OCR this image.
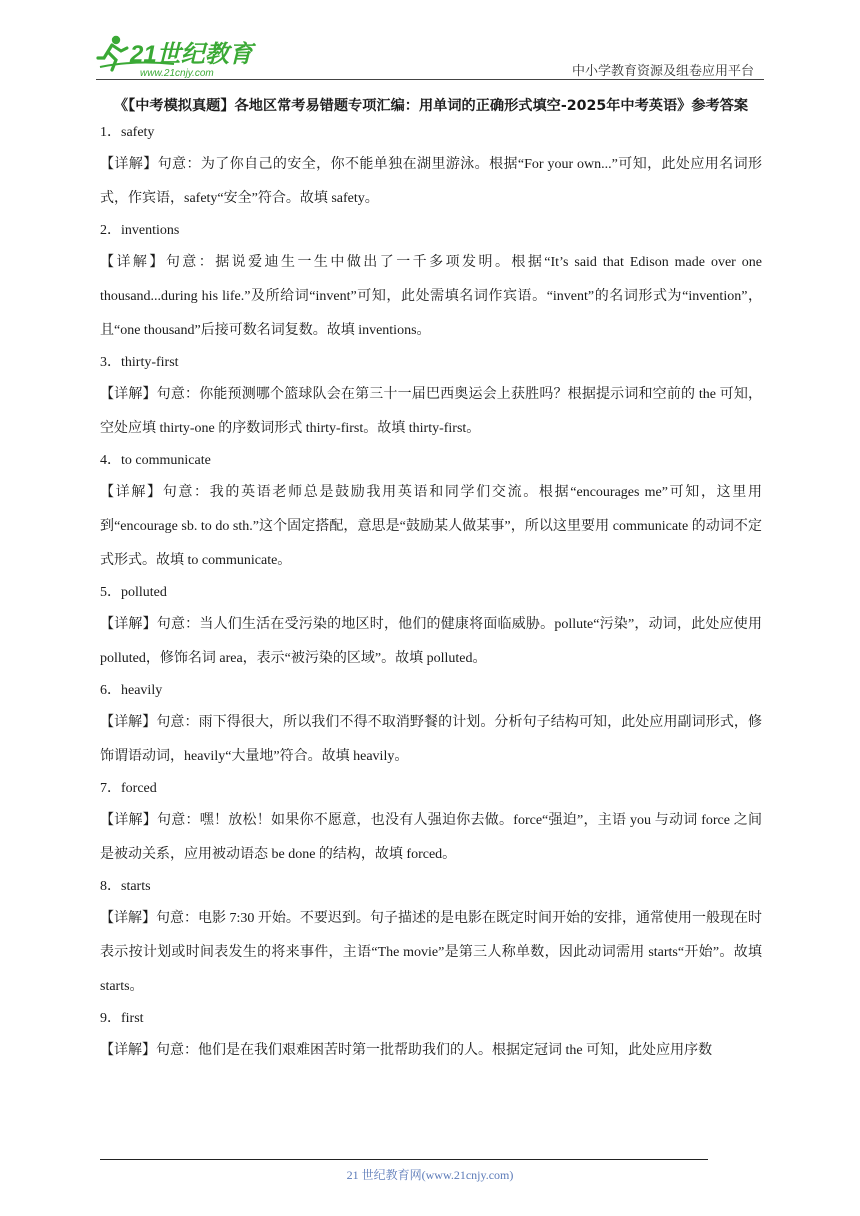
21世纪教育
www.21cnjy.com	中小学教育资源及组卷应用平台

《【中考模拟真题】各地区常考易错题专项汇编：用单词的正确形式填空-2025年中考英语》参考答案

1．safety

【详解】句意：为了你自己的安全，你不能单独在湖里游泳。根据“For your own...”可知，此处应用名词形式，作宾语，safety“安全”符合。故填 safety。

2．inventions

【详解】句意：据说爱迪生一生中做出了一千多项发明。根据“It’s said that Edison made over one thousand...during his life.”及所给词“invent”可知，此处需填名词作宾语。“invent”的名词形式为“invention”，且“one thousand”后接可数名词复数。故填 inventions。

3．thirty-first

【详解】句意：你能预测哪个篮球队会在第三十一届巴西奥运会上获胜吗？根据提示词和空前的 the 可知，空处应填 thirty-one 的序数词形式 thirty-first。故填 thirty-first。

4．to communicate

【详解】句意：我的英语老师总是鼓励我用英语和同学们交流。根据“encourages me”可知，这里用到“encourage sb. to do sth.”这个固定搭配，意思是“鼓励某人做某事”，所以这里要用 communicate 的动词不定式形式。故填 to communicate。

5．polluted

【详解】句意：当人们生活在受污染的地区时，他们的健康将面临威胁。pollute“污染”，动词，此处应使用 polluted，修饰名词 area，表示“被污染的区域”。故填 polluted。

6．heavily

【详解】句意：雨下得很大，所以我们不得不取消野餐的计划。分析句子结构可知，此处应用副词形式，修饰谓语动词，heavily“大量地”符合。故填 heavily。

7．forced

【详解】句意：嘿！放松！如果你不愿意，也没有人强迫你去做。force“强迫”，主语 you 与动词 force 之间是被动关系，应用被动语态 be done 的结构，故填 forced。

8．starts

【详解】句意：电影 7:30 开始。不要迟到。句子描述的是电影在既定时间开始的安排，通常使用一般现在时表示按计划或时间表发生的将来事件，主语“The movie”是第三人称单数，因此动词需用 starts“开始”。故填 starts。

9．first

【详解】句意：他们是在我们艰难困苦时第一批帮助我们的人。根据定冠词 the 可知，此处应用序数

21 世纪教育网(www.21cnjy.com)
